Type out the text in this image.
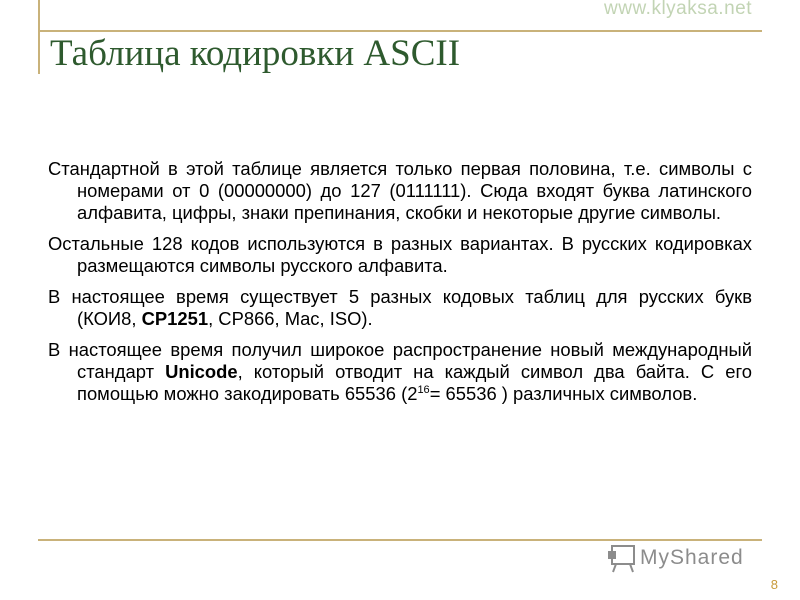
www.klyaksa.net
Таблица кодировки ASCII

Стандартной в этой таблице является только первая половина, т.е. символы с номерами от 0 (00000000) до 127 (0111111). Сюда входят буква латинского алфавита, цифры, знаки препинания, скобки и некоторые другие символы.

Остальные 128 кодов используются в разных вариантах. В русских кодировках размещаются символы русского алфавита.

В настоящее время существует 5 разных кодовых таблиц для русских букв (КОИ8, CP1251, CP866, Mac, ISO).

В настоящее время получил широкое распространение новый международный стандарт Unicode, который отводит на каждый символ два байта. С его помощью можно закодировать 65536 ($2^{16}= 65536$ ) различных символов.

MyShared
8
